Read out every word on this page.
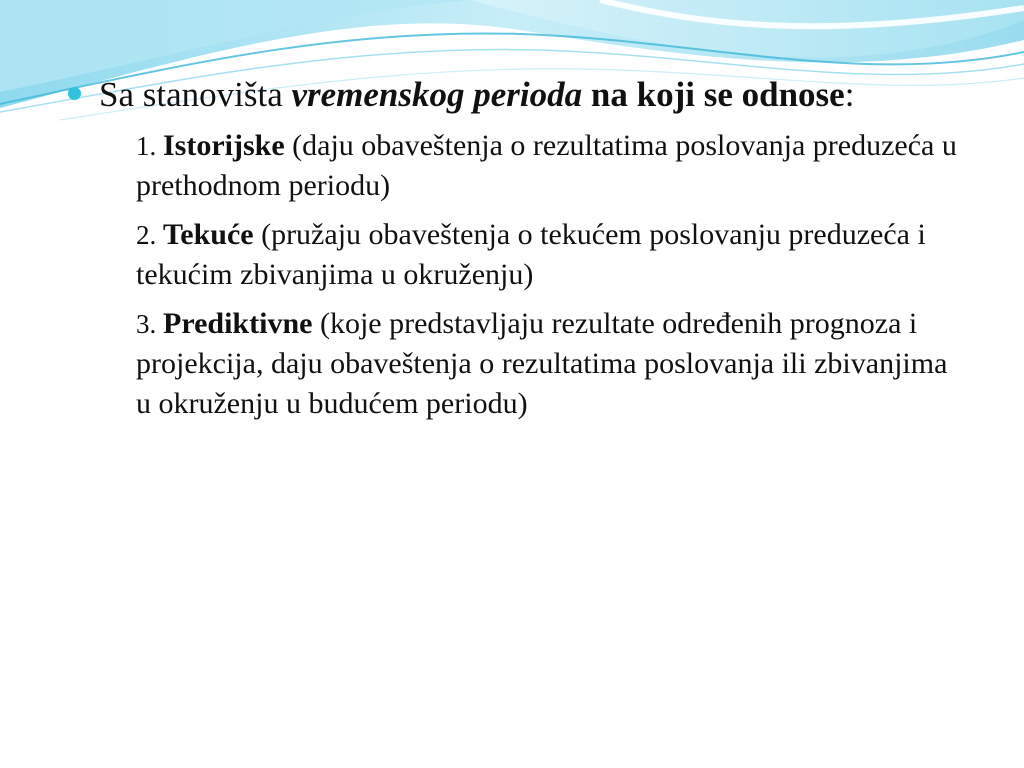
Sa stanovišta vremenskog perioda na koji se odnose:
1. Istorijske (daju obaveštenja o rezultatima poslovanja preduzeća u prethodnom periodu)
2. Tekuće (pružaju obaveštenja o tekućem poslovanju preduzeća i tekućim zbivanjima u okruženju)
3. Prediktivne (koje predstavljaju rezultate određenih prognoza i projekcija, daju obaveštenja o rezultatima poslovanja ili zbivanjima u okruženju u budućem periodu)
